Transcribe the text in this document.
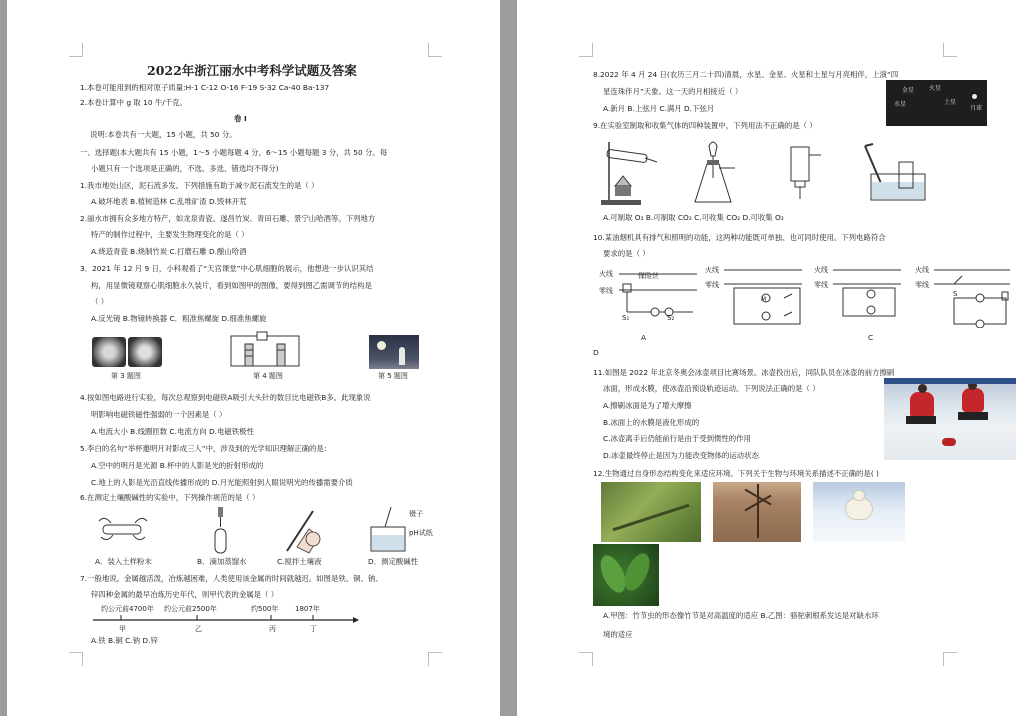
2022年浙江丽水中考科学试题及答案
1.本卷可能用到的相对原子质量:H-1 C-12 O-16 F-19 S-32 Ca-40 Ba-137
2.本卷计算中 g 取 10 牛/千克。
卷 Ⅰ
说明:本卷共有一大题，15 小题，共 50 分。
一、选择题(本大题共有 15 小题，1～5 小题每题 4 分，6～15 小题每题 3 分，共 50 分。每
小题只有一个选项是正确的，不选、多选、错选均不得分)
1.我市地处山区，泥石流多发。下列措施有助于减少泥石流发生的是（ ）
A.破坏地表 B.植树造林 C.乱堆矿渣 D.毁林开荒
2.丽水市拥有众多地方特产，如龙泉青瓷、遂昌竹炭、青田石雕、景宁山哈酒等。下列地方
特产的制作过程中，主要发生物理变化的是（ ）
A.烧造青瓷 B.烧制竹炭 C.打磨石雕 D.酿山哈酒
3．2021 年 12 月 9 日，小科观看了“天宫课堂”中心肌细胞的展示，他想进一步认识其结
构，用显微镜观察心肌细胞永久装片，看到如图甲的图像，要得到图乙需调节的结构是
（ ）
A.反光镜 B.物镜转换器 C．粗准焦螺旋 D.细准焦螺旋
第 3 题图	第 4 题图	第 5 题图
4.按如图电路进行实验，每次总观察到电磁铁A吸引大头针的数目比电磁铁B多。此现象说
明影响电磁铁磁性强弱的一个因素是（ ）
A.电流大小 B.线圈匝数 C.电流方向 D.电磁铁极性
5.李白的名句“举杯邀明月对影成三人”中，涉及到的光学知识理解正确的是：
A.空中的明月是光源 B.杯中的人影是光的折射形成的
C.地上的人影是光沿直线传播形成的 D.月光能照射到人眼说明光的传播需要介质
6.在测定土壤酸碱性的实验中，下列操作规范的是（ ）
镊子
pH试纸
A．装入土样粉末	B．滴加蒸馏水	C.搅拌土壤液	D．测定酸碱性
7.一般地说，金属越活泼，冶炼越困难，人类使用该金属的时间就越迟。如图是铁、铜、钠、
锌四种金属的最早冶炼历史年代，则甲代表的金属是（ ）
约公元前4700年 约公元前2500年	约500年 1807年
甲	乙	丙	丁
A.铁 B.铜 C.钠 D.锌
8.2022 年 4 月 24 日(农历三月二十四)清晨，水星、金星、火星和土星与月亮相伴，上演“四
星连珠伴月”天象。这一天的月相接近（ ）	金星 火星
土星
水星
月球
A.新月 B.上弦月 C.满月 D.下弦月
9.在实验室制取和收集气体的四种装置中，下列用法不正确的是（ ）
A.可制取 O₂ B.可制取 CO₂ C.可收集 CO₂ D.可收集 O₂
10.某油烟机具有排气和照明的功能，这两种功能既可单独、也可同时使用。下列电路符合
要求的是（ ）
火线
零线
保险丝
S₁	S₂
A
火线
零线
M
火线
零线
C
火线
零线
S
D
11.如图是 2022 年北京冬奥会冰壶项目比赛场景。冰壶投出后，同队队员在冰壶的前方擦刷
冰面，形成水膜，使冰壶沿预设轨迹运动。下列说法正确的是（ ）
A.擦刷冰面是为了增大摩擦
B.冰面上的水膜是液化形成的
C.冰壶离手后仍能前行是由于受到惯性的作用
D.冰壶最终停止是因为力能改变物体的运动状态
12.生物通过自身形态结构变化来适应环境。下列关于生物与环境关系描述不正确的是( )
A.甲图：竹节虫的形态像竹节是对高温度的适应 B.乙图：骆驼刺根系发达是对缺水环
境的适应
